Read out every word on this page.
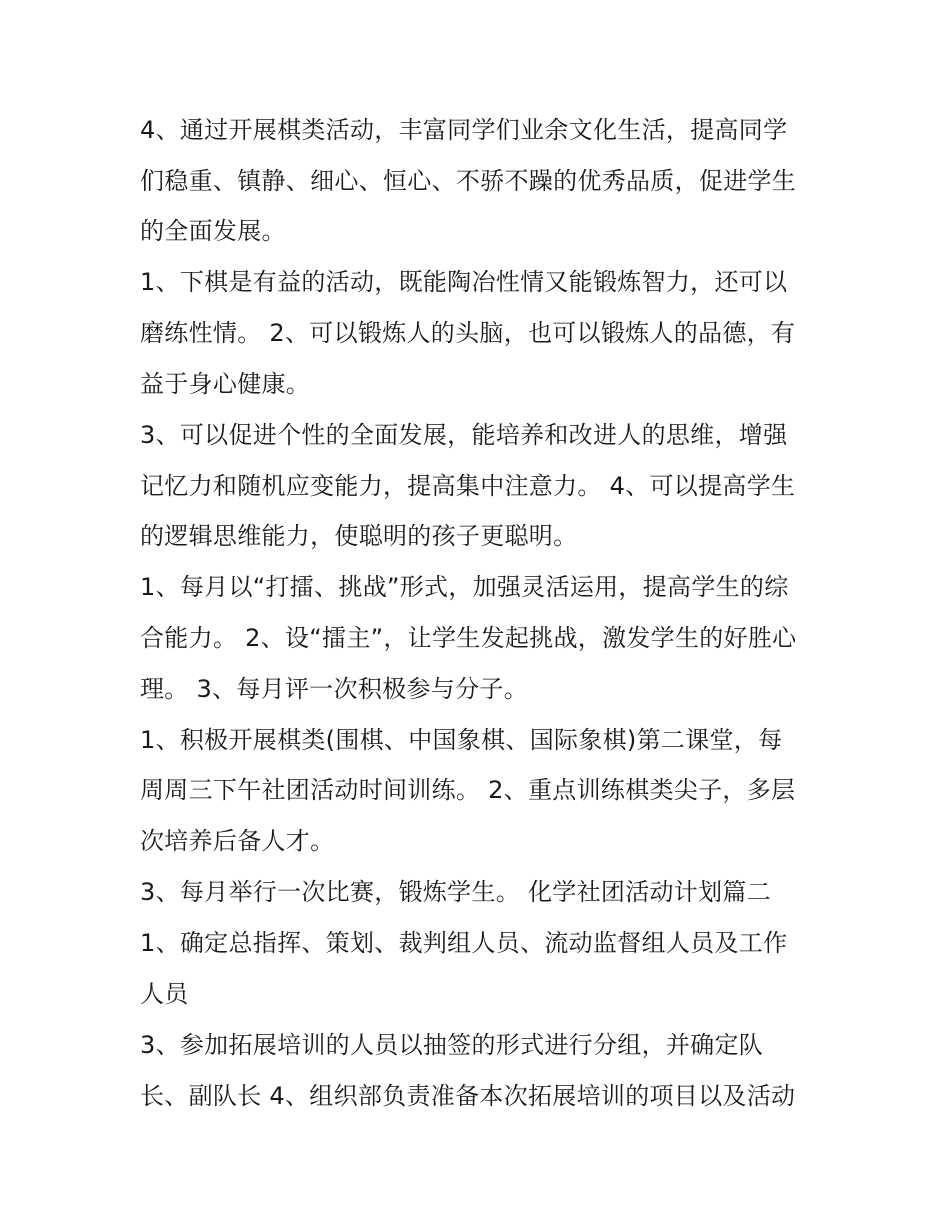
4、通过开展棋类活动，丰富同学们业余文化生活，提高同学
们稳重、镇静、细心、恒心、不骄不躁的优秀品质，促进学生
的全面发展。
1、下棋是有益的活动，既能陶冶性情又能锻炼智力，还可以
磨练性情。 2、可以锻炼人的头脑，也可以锻炼人的品德，有
益于身心健康。
3、可以促进个性的全面发展，能培养和改进人的思维，增强
记忆力和随机应变能力，提高集中注意力。 4、可以提高学生
的逻辑思维能力，使聪明的孩子更聪明。
1、每月以“打擂、挑战”形式，加强灵活运用，提高学生的综
合能力。 2、设“擂主”，让学生发起挑战，激发学生的好胜心
理。 3、每月评一次积极参与分子。
1、积极开展棋类(围棋、中国象棋、国际象棋)第二课堂，每
周周三下午社团活动时间训练。 2、重点训练棋类尖子，多层
次培养后备人才。
3、每月举行一次比赛，锻炼学生。 化学社团活动计划篇二
1、确定总指挥、策划、裁判组人员、流动监督组人员及工作
人员
3、参加拓展培训的人员以抽签的形式进行分组，并确定队
长、副队长 4、组织部负责准备本次拓展培训的项目以及活动
